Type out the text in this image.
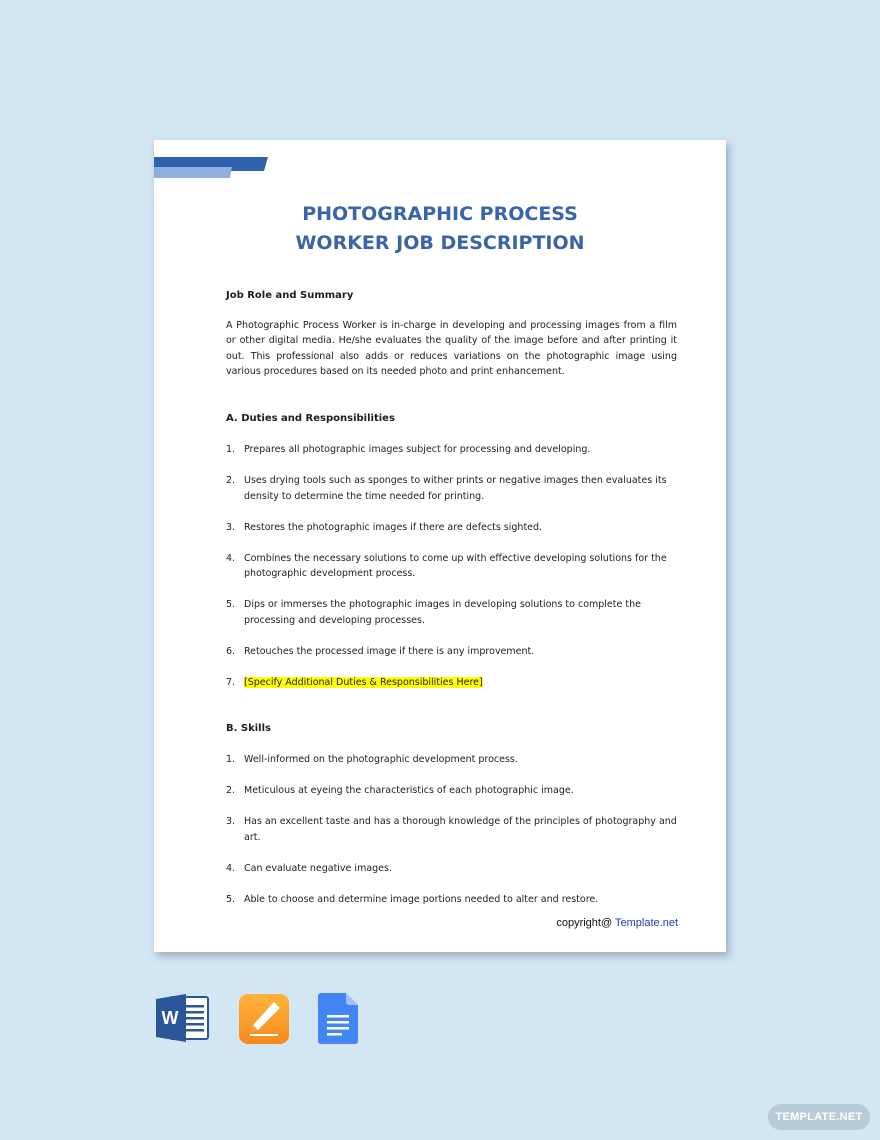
PHOTOGRAPHIC PROCESS
WORKER JOB DESCRIPTION
Job Role and Summary
A Photographic Process Worker is in-charge in developing and processing images from a film or other digital media. He/she evaluates the quality of the image before and after printing it out. This professional also adds or reduces variations on the photographic image using various procedures based on its needed photo and print enhancement.
A. Duties and Responsibilities
1. Prepares all photographic images subject for processing and developing.
2. Uses drying tools such as sponges to wither prints or negative images then evaluates its density to determine the time needed for printing.
3. Restores the photographic images if there are defects sighted.
4. Combines the necessary solutions to come up with effective developing solutions for the photographic development process.
5. Dips or immerses the photographic images in developing solutions to complete the processing and developing processes.
6. Retouches the processed image if there is any improvement.
7. [Specify Additional Duties & Responsibilities Here]
B. Skills
1. Well-informed on the photographic development process.
2. Meticulous at eyeing the characteristics of each photographic image.
3. Has an excellent taste and has a thorough knowledge of the principles of photography and art.
4. Can evaluate negative images.
5. Able to choose and determine image portions needed to alter and restore.
copyright@ Template.net
W
TEMPLATE.NET
